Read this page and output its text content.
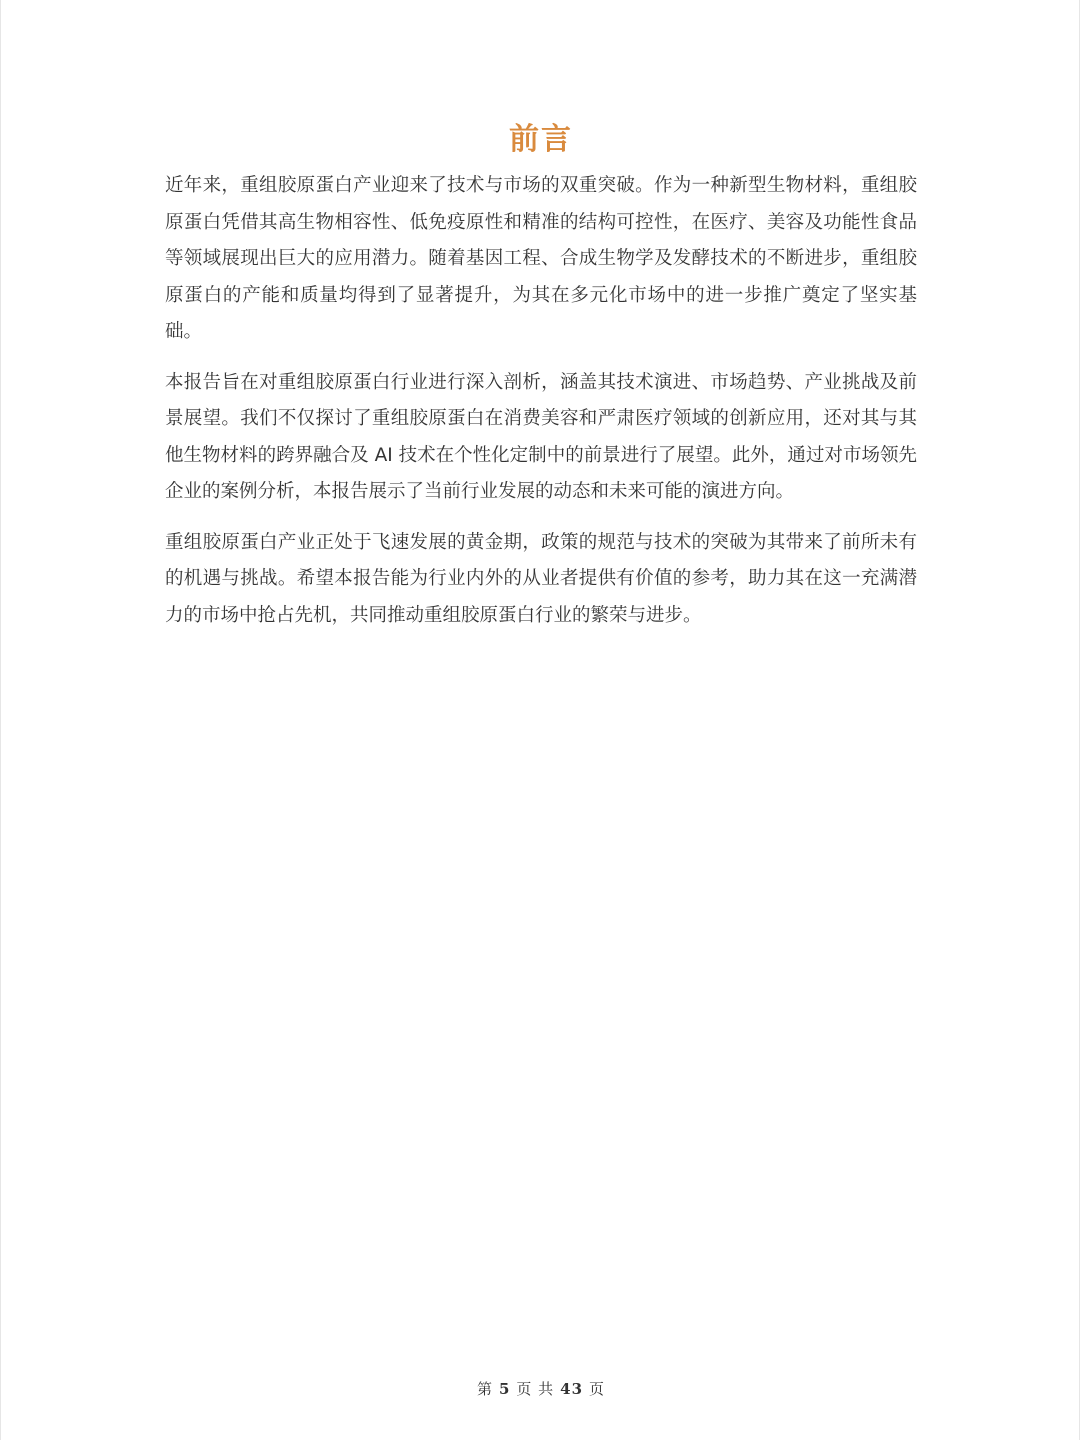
前言

近年来，重组胶原蛋白产业迎来了技术与市场的双重突破。作为一种新型生物材料，重组胶原蛋白凭借其高生物相容性、低免疫原性和精准的结构可控性，在医疗、美容及功能性食品等领域展现出巨大的应用潜力。随着基因工程、合成生物学及发酵技术的不断进步，重组胶原蛋白的产能和质量均得到了显著提升，为其在多元化市场中的进一步推广奠定了坚实基础。

本报告旨在对重组胶原蛋白行业进行深入剖析，涵盖其技术演进、市场趋势、产业挑战及前景展望。我们不仅探讨了重组胶原蛋白在消费美容和严肃医疗领域的创新应用，还对其与其他生物材料的跨界融合及 AI 技术在个性化定制中的前景进行了展望。此外，通过对市场领先企业的案例分析，本报告展示了当前行业发展的动态和未来可能的演进方向。

重组胶原蛋白产业正处于飞速发展的黄金期，政策的规范与技术的突破为其带来了前所未有的机遇与挑战。希望本报告能为行业内外的从业者提供有价值的参考，助力其在这一充满潜力的市场中抢占先机，共同推动重组胶原蛋白行业的繁荣与进步。

第 5 页 共 43 页
